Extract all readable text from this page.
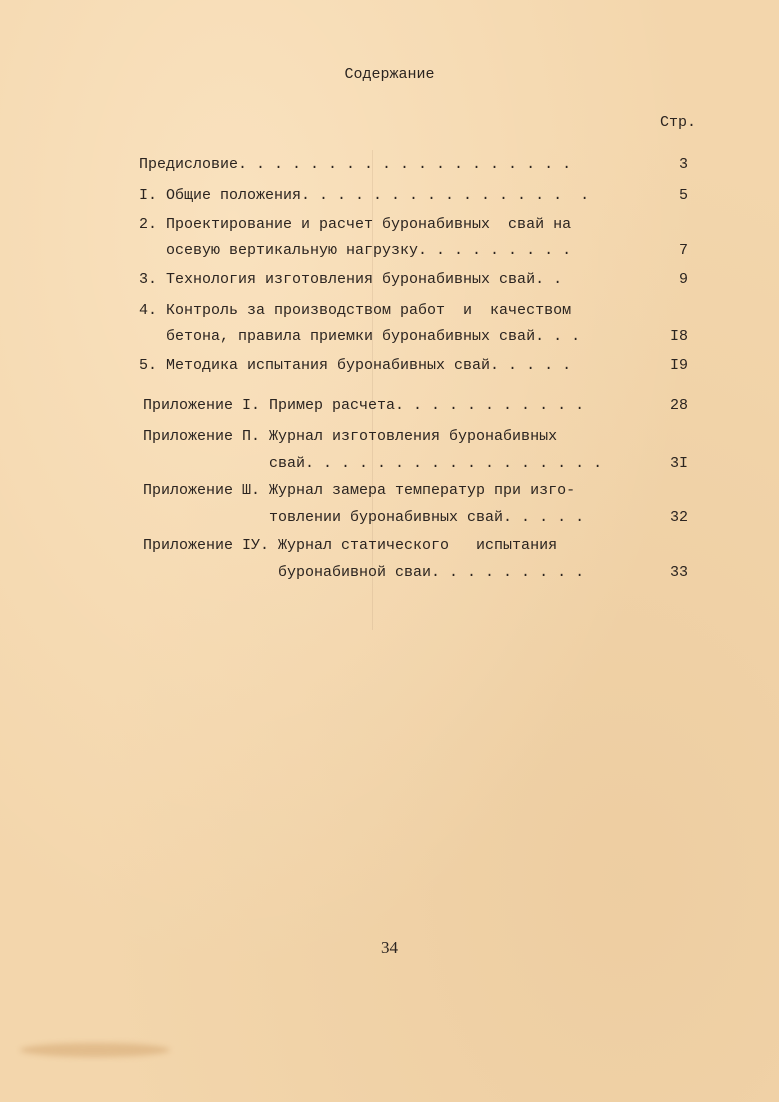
Содержание
Стр.
Предисловие. . . . . . . . . . . . . . . . . . .	3
I. Общие положения. . . . . . . . . . . . . . .  .	5
2. Проектирование и расчет буронабивных  свай на
осевую вертикальную нагрузку. . . . . . . . .	7
3. Технология изготовления буронабивных свай. .	9
4. Контроль за производством работ  и  качеством
бетона, правила приемки буронабивных свай. . .	I8
5. Методика испытания буронабивных свай. . . . .	I9
Приложение I. Пример расчета. . . . . . . . . . .	28
Приложение П. Журнал изготовления буронабивных
свай. . . . . . . . . . . . . . . . .	3I
Приложение Ш. Журнал замера температур при изго-
товлении буронабивных свай. . . . .	32
Приложение IУ. Журнал статического   испытания
буронабивной сваи. . . . . . . . .	33
34
